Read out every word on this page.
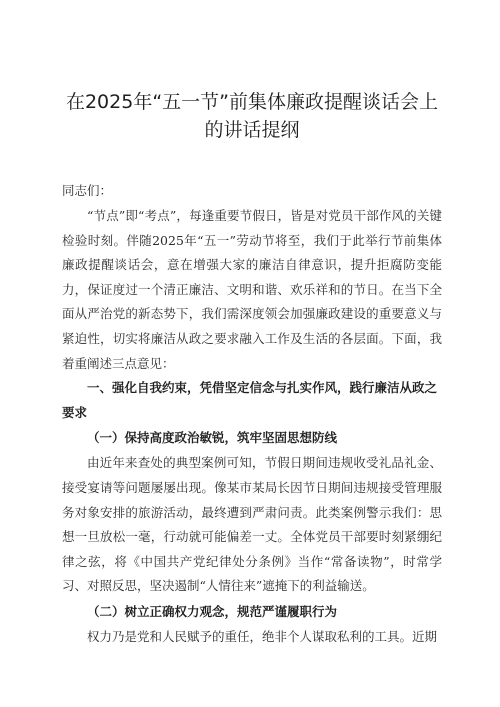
在2025年“五一节”前集体廉政提醒谈话会上
的讲话提纲

同志们：

“节点”即“考点”，每逢重要节假日，皆是对党员干部作风的关键检验时刻。伴随2025年“五一”劳动节将至，我们于此举行节前集体廉政提醒谈话会，意在增强大家的廉洁自律意识，提升拒腐防变能力，保证度过一个清正廉洁、文明和谐、欢乐祥和的节日。在当下全面从严治党的新态势下，我们需深度领会加强廉政建设的重要意义与紧迫性，切实将廉洁从政之要求融入工作及生活的各层面。下面，我着重阐述三点意见：

一、强化自我约束，凭借坚定信念与扎实作风，践行廉洁从政之要求

（一）保持高度政治敏锐，筑牢坚固思想防线

由近年来查处的典型案例可知，节假日期间违规收受礼品礼金、接受宴请等问题屡屡出现。像某市某局长因节日期间违规接受管理服务对象安排的旅游活动，最终遭到严肃问责。此类案例警示我们：思想一旦放松一毫，行动就可能偏差一丈。全体党员干部要时刻紧绷纪律之弦，将《中国共产党纪律处分条例》当作“常备读物”，时常学习、对照反思，坚决遏制“人情往来”遮掩下的利益输送。

（二）树立正确权力观念，规范严谨履职行为

权力乃是党和人民赋予的重任，绝非个人谋取私利的工具。近期
